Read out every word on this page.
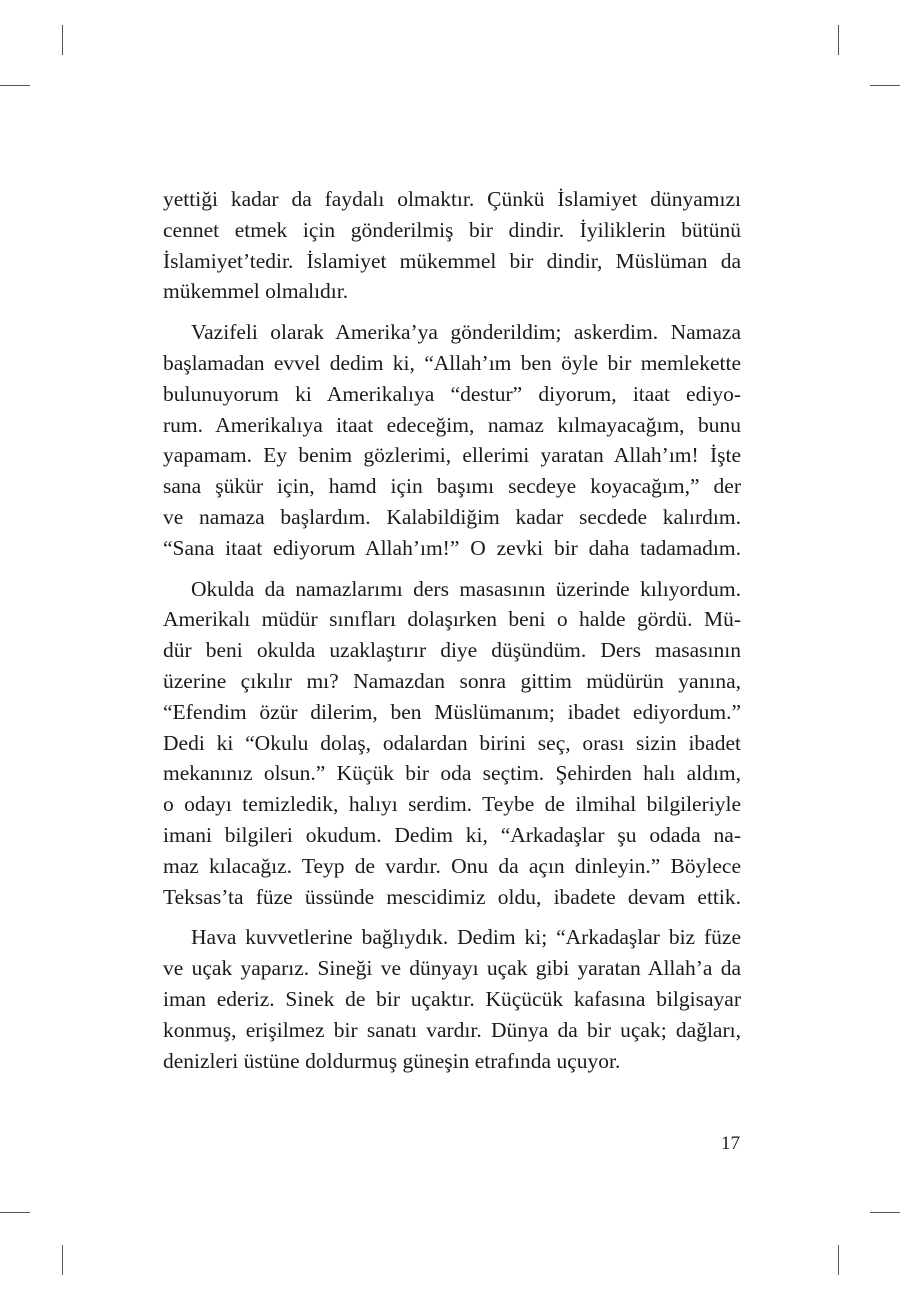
yettiği kadar da faydalı olmaktır. Çünkü İslamiyet dünyamızı
cennet etmek için gönderilmiş bir dindir. İyiliklerin bütünü
İslamiyet’tedir. İslamiyet mükemmel bir dindir, Müslüman da
mükemmel olmalıdır.
Vazifeli olarak Amerika’ya gönderildim; askerdim. Namaza
başlamadan evvel dedim ki, “Allah’ım ben öyle bir memlekette
bulunuyorum ki Amerikalıya “destur” diyorum, itaat ediyo-
rum. Amerikalıya itaat edeceğim, namaz kılmayacağım, bunu
yapamam. Ey benim gözlerimi, ellerimi yaratan Allah’ım! İşte
sana şükür için, hamd için başımı secdeye koyacağım,” der
ve namaza başlardım. Kalabildiğim kadar secdede kalırdım.
“Sana itaat ediyorum Allah’ım!” O zevki bir daha tadamadım.
Okulda da namazlarımı ders masasının üzerinde kılıyordum.
Amerikalı müdür sınıfları dolaşırken beni o halde gördü. Mü-
dür beni okulda uzaklaştırır diye düşündüm. Ders masasının
üzerine çıkılır mı? Namazdan sonra gittim müdürün yanına,
“Efendim özür dilerim, ben Müslümanım; ibadet ediyordum.”
Dedi ki “Okulu dolaş, odalardan birini seç, orası sizin ibadet
mekanınız olsun.” Küçük bir oda seçtim. Şehirden halı aldım,
o odayı temizledik, halıyı serdim. Teybe de ilmihal bilgileriyle
imani bilgileri okudum. Dedim ki, “Arkadaşlar şu odada na-
maz kılacağız. Teyp de vardır. Onu da açın dinleyin.” Böylece
Teksas’ta füze üssünde mescidimiz oldu, ibadete devam ettik.
Hava kuvvetlerine bağlıydık. Dedim ki; “Arkadaşlar biz füze
ve uçak yaparız. Sineği ve dünyayı uçak gibi yaratan Allah’a da
iman ederiz. Sinek de bir uçaktır. Küçücük kafasına bilgisayar
konmuş, erişilmez bir sanatı vardır. Dünya da bir uçak; dağları,
denizleri üstüne doldurmuş güneşin etrafında uçuyor.
17
